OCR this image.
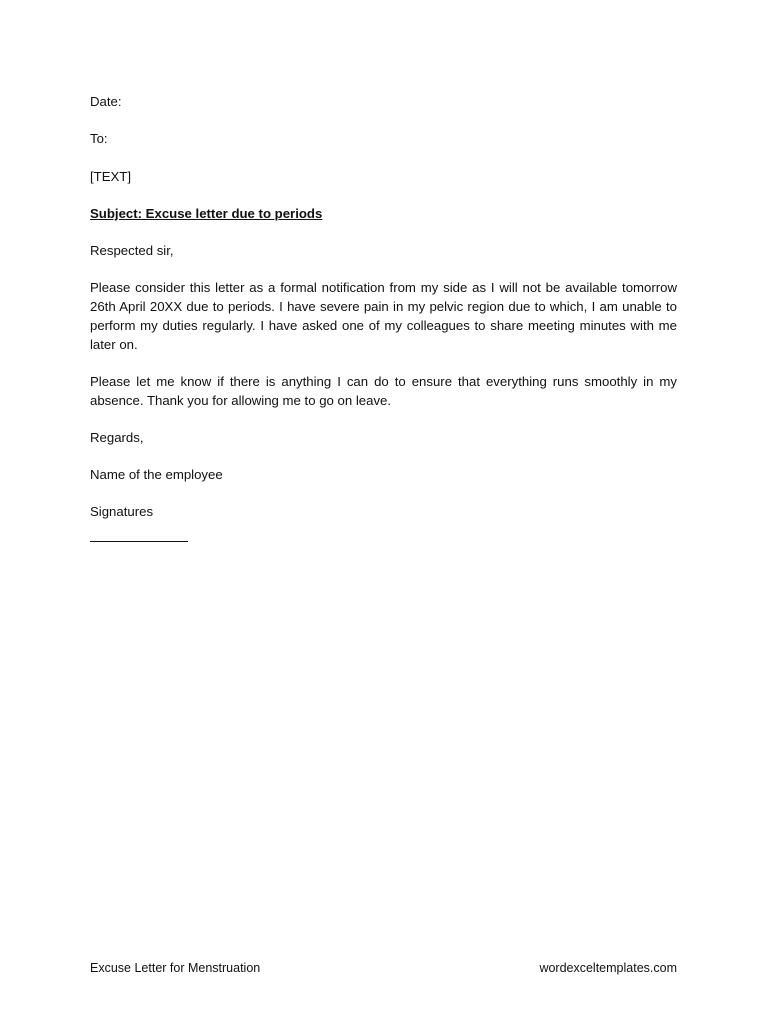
Date:
To:
[TEXT]
Subject: Excuse letter due to periods
Respected sir,
Please consider this letter as a formal notification from my side as I will not be available tomorrow 26th April 20XX due to periods. I have severe pain in my pelvic region due to which, I am unable to perform my duties regularly. I have asked one of my colleagues to share meeting minutes with me later on.
Please let me know if there is anything I can do to ensure that everything runs smoothly in my absence. Thank you for allowing me to go on leave.
Regards,
Name of the employee
Signatures
Excuse Letter for Menstruation	wordexceltemplates.com
